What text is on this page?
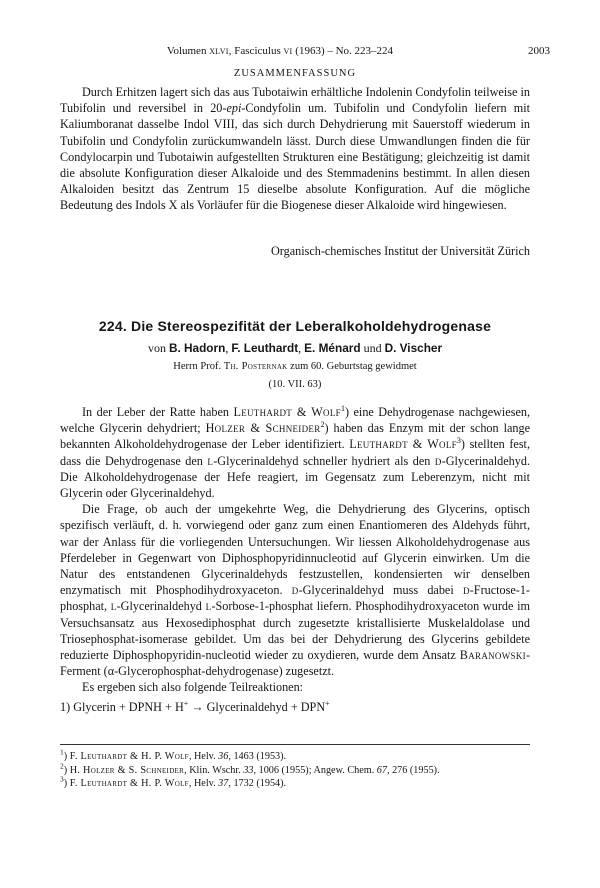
Volumen xlvi, Fasciculus vi (1963) – No. 223–224	2003
ZUSAMMENFASSUNG

Durch Erhitzen lagert sich das aus Tubotaiwin erhältliche Indolenin Condyfolin teilweise in Tubifolin und reversibel in 20-epi-Condyfolin um. Tubifolin und Condyfolin liefern mit Kaliumboranat dasselbe Indol VIII, das sich durch Dehydrierung mit Sauerstoff wiederum in Tubifolin und Condyfolin zurückumwandeln lässt. Durch diese Umwandlungen finden die für Condylocarpin und Tubotaiwin aufgestellten Strukturen eine Bestätigung; gleichzeitig ist damit die absolute Konfiguration dieser Alkaloide und des Stemmadenins bestimmt. In allen diesen Alkaloiden besitzt das Zentrum 15 dieselbe absolute Konfiguration. Auf die mögliche Bedeutung des Indols X als Vorläufer für die Biogenese dieser Alkaloide wird hingewiesen.

Organisch-chemisches Institut der Universität Zürich
224. Die Stereospezifität der Leberalkoholdehydrogenase
von B. Hadorn, F. Leuthardt, E. Ménard und D. Vischer
Herrn Prof. Th. Posternak zum 60. Geburtstag gewidmet
(10. VII. 63)

In der Leber der Ratte haben Leuthardt & Wolf$^1$) eine Dehydrogenase nachgewiesen, welche Glycerin dehydriert; Holzer & Schneider$^2$) haben das Enzym mit der schon lange bekannten Alkoholdehydrogenase der Leber identifiziert. Leuthardt & Wolf$^3$) stellten fest, dass die Dehydrogenase den l-Glycerinaldehyd schneller hydriert als den d-Glycerinaldehyd. Die Alkoholdehydrogenase der Hefe reagiert, im Gegensatz zum Leberenzym, nicht mit Glycerin oder Glycerinaldehyd.

Die Frage, ob auch der umgekehrte Weg, die Dehydrierung des Glycerins, optisch spezifisch verläuft, d. h. vorwiegend oder ganz zum einen Enantiomeren des Aldehyds führt, war der Anlass für die vorliegenden Untersuchungen. Wir liessen Alkoholdehydrogenase aus Pferdeleber in Gegenwart von Diphosphopyridinnucleotid auf Glycerin einwirken. Um die Natur des entstandenen Glycerinaldehyds festzustellen, kondensierten wir denselben enzymatisch mit Phosphodihydroxyaceton. d-Glycerinaldehyd muss dabei d-Fructose-1-phosphat, l-Glycerinaldehyd l-Sorbose-1-phosphat liefern. Phosphodihydroxyaceton wurde im Versuchsansatz aus Hexosediphosphat durch zugesetzte kristallisierte Muskelaldolase und Triosephosphat-isomerase gebildet. Um das bei der Dehydrierung des Glycerins gebildete reduzierte Diphosphopyridin-nucleotid wieder zu oxydieren, wurde dem Ansatz Baranowski-Ferment (α-Glycerophosphat-dehydrogenase) zugesetzt.

Es ergeben sich also folgende Teilreaktionen:

1) Glycerin + DPNH + H+ → Glycerinaldehyd + DPN+

$^1$) F. Leuthardt & H. P. Wolf, Helv. 36, 1463 (1953).
$^2$) H. Holzer & S. Schneider, Klin. Wschr. 33, 1006 (1955); Angew. Chem. 67, 276 (1955).
$^3$) F. Leuthardt & H. P. Wolf, Helv. 37, 1732 (1954).
